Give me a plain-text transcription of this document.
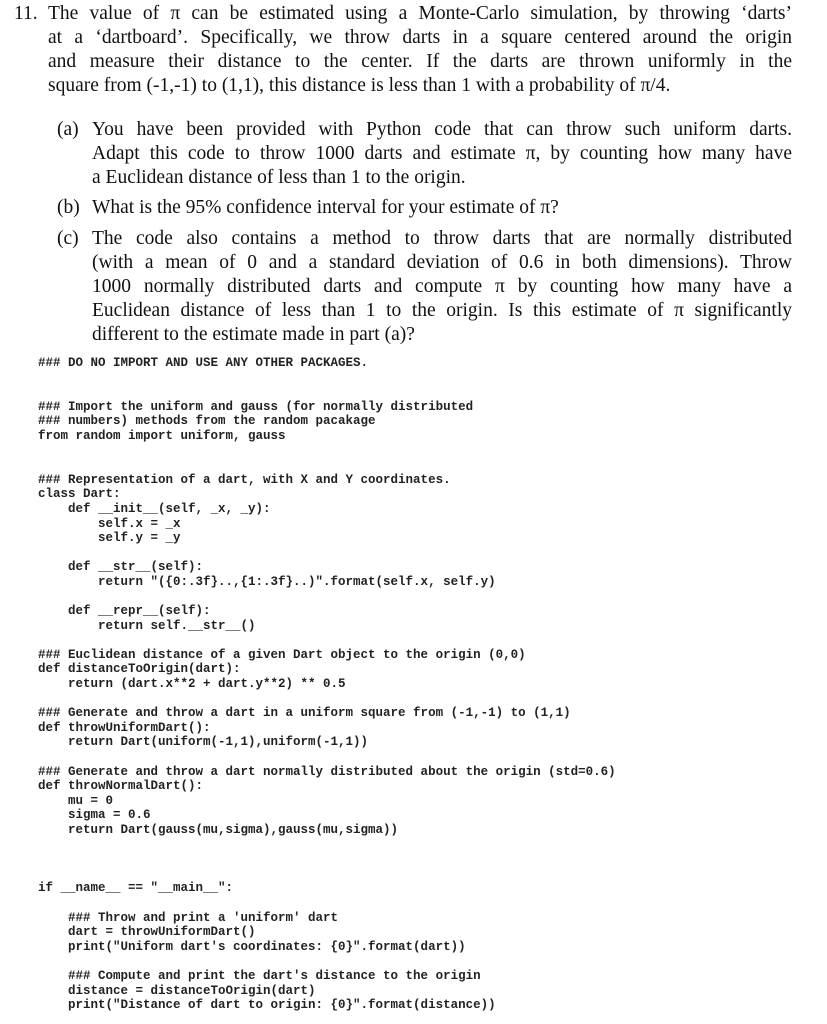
11. The value of π can be estimated using a Monte-Carlo simulation, by throwing ‘darts’
at a ‘dartboard’. Specifically, we throw darts in a square centered around the origin
and measure their distance to the center. If the darts are thrown uniformly in the
square from (-1,-1) to (1,1), this distance is less than 1 with a probability of π/4.
(a) You have been provided with Python code that can throw such uniform darts.
Adapt this code to throw 1000 darts and estimate π, by counting how many have
a Euclidean distance of less than 1 to the origin.
(b) What is the 95% confidence interval for your estimate of π?
(c) The code also contains a method to throw darts that are normally distributed
(with a mean of 0 and a standard deviation of 0.6 in both dimensions). Throw
1000 normally distributed darts and compute π by counting how many have a
Euclidean distance of less than 1 to the origin. Is this estimate of π significantly
different to the estimate made in part (a)?
### DO NO IMPORT AND USE ANY OTHER PACKAGES.

### Import the uniform and gauss (for normally distributed
### numbers) methods from the random pacakage
from random import uniform, gauss

### Representation of a dart, with X and Y coordinates.
class Dart:
def __init__(self, _x, _y):
self.x = _x
self.y = _y

def __str__(self):
return "({0:.3f}..,{1:.3f}..)".format(self.x, self.y)

def __repr__(self):
return self.__str__()

### Euclidean distance of a given Dart object to the origin (0,0)
def distanceToOrigin(dart):
return (dart.x**2 + dart.y**2) ** 0.5

### Generate and throw a dart in a uniform square from (-1,-1) to (1,1)
def throwUniformDart():
return Dart(uniform(-1,1),uniform(-1,1))

### Generate and throw a dart normally distributed about the origin (std=0.6)
def throwNormalDart():
mu = 0
sigma = 0.6
return Dart(gauss(mu,sigma),gauss(mu,sigma))

if __name__ == "__main__":

### Throw and print a 'uniform' dart
dart = throwUniformDart()
print("Uniform dart's coordinates: {0}".format(dart))

### Compute and print the dart's distance to the origin
distance = distanceToOrigin(dart)
print("Distance of dart to origin: {0}".format(distance))
